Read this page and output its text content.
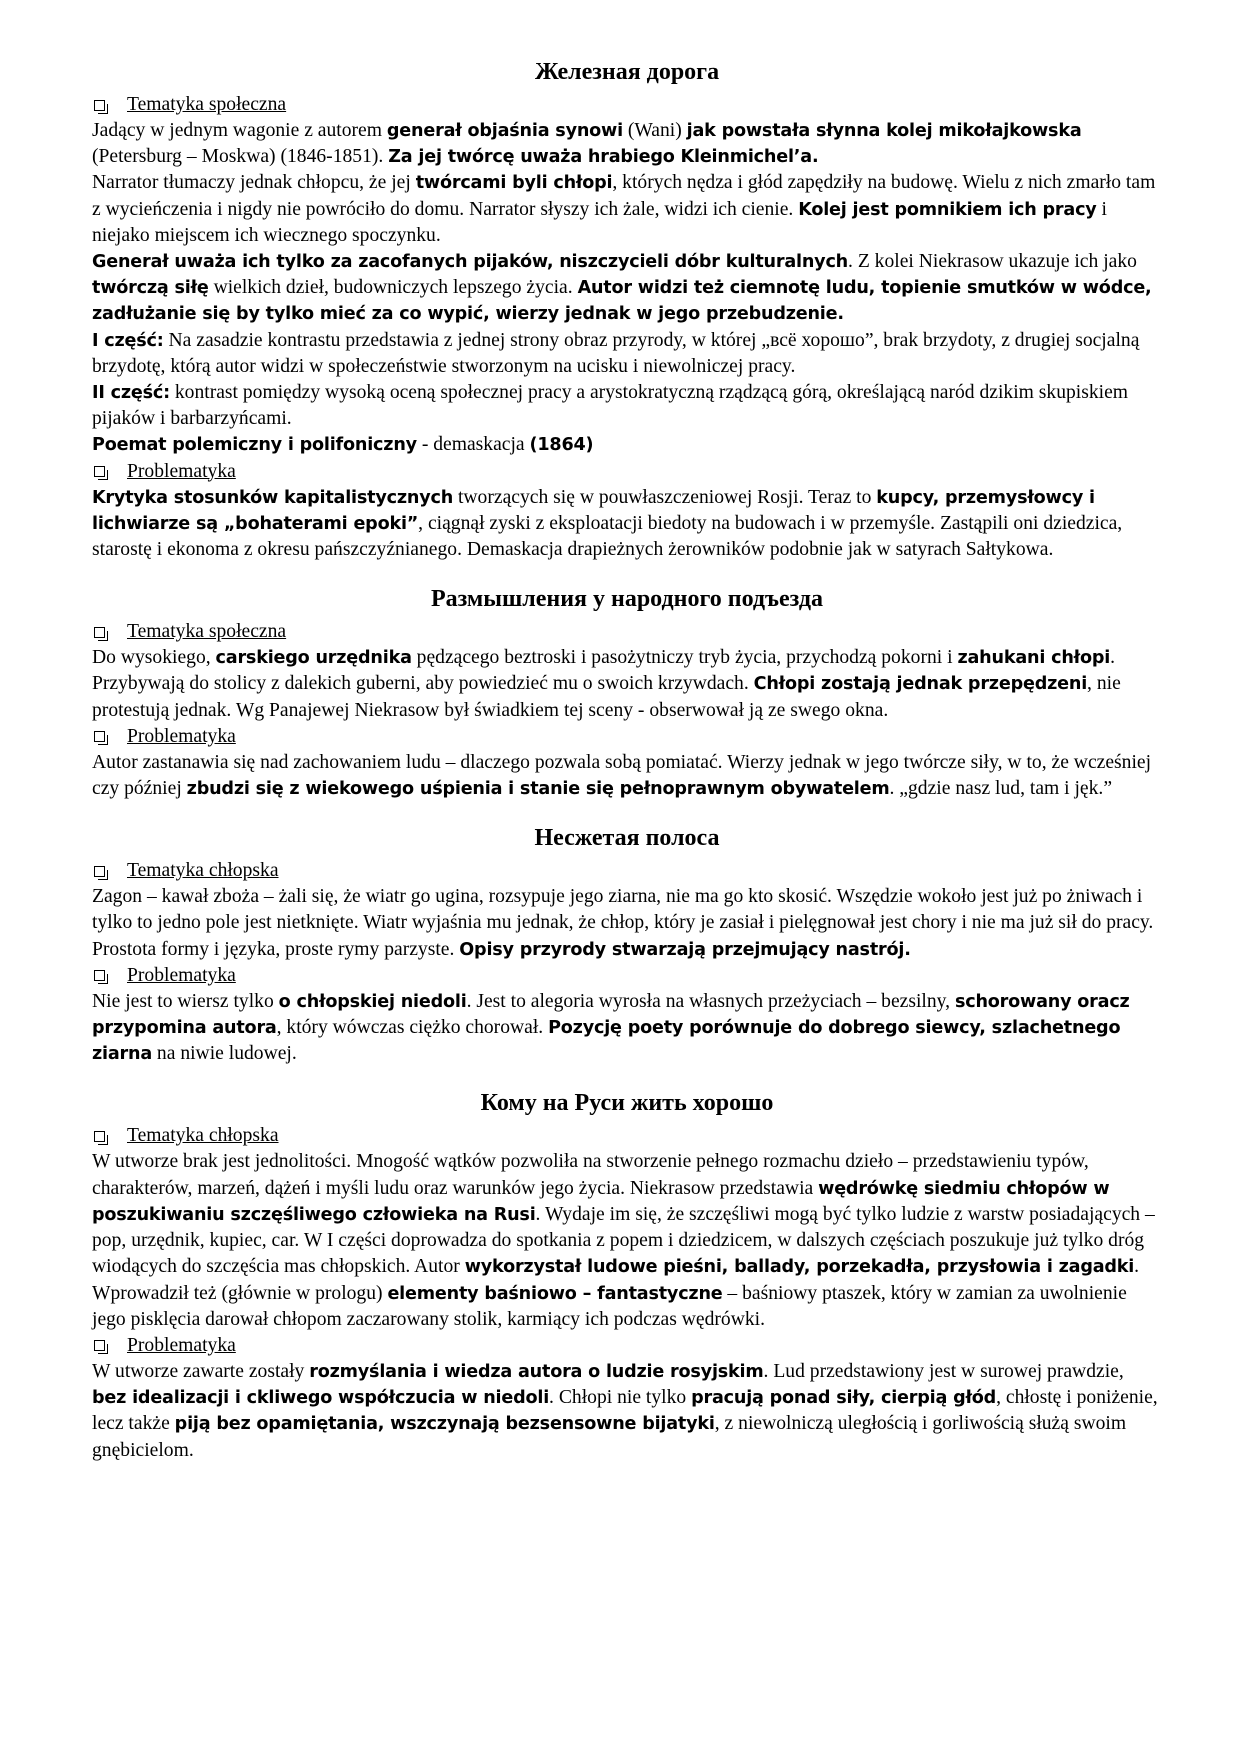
Железная дорога
Tematyka społeczna
Jadący w jednym wagonie z autorem generał objaśnia synowi (Wani) jak powstała słynna kolej mikołajkowska (Petersburg – Moskwa) (1846-1851). Za jej twórcę uważa hrabiego Kleinmichel’a.
Narrator tłumaczy jednak chłopcu, że jej twórcami byli chłopi, których nędza i głód zapędziły na budowę. Wielu z nich zmarło tam z wycieńczenia i nigdy nie powróciło do domu. Narrator słyszy ich żale, widzi ich cienie. Kolej jest pomnikiem ich pracy i niejako miejscem ich wiecznego spoczynku.
Generał uważa ich tylko za zacofanych pijaków, niszczycieli dóbr kulturalnych. Z kolei Niekrasow ukazuje ich jako twórczą siłę wielkich dzieł, budowniczych lepszego życia. Autor widzi też ciemnotę ludu, topienie smutków w wódce, zadłużanie się by tylko mieć za co wypić, wierzy jednak w jego przebudzenie.
I część: Na zasadzie kontrastu przedstawia z jednej strony obraz przyrody, w której „всё хорошо”, brak brzydoty, z drugiej socjalną brzydotę, którą autor widzi w społeczeństwie stworzonym na ucisku i niewolniczej pracy.
II część: kontrast pomiędzy wysoką oceną społecznej pracy a arystokratyczną rządzącą górą, określającą naród dzikim skupiskiem pijaków i barbarzyńcami.
Poemat polemiczny i polifoniczny - demaskacja (1864)
Problematyka
Krytyka stosunków kapitalistycznych tworzących się w pouwłaszczeniowej Rosji. Teraz to kupcy, przemysłowcy i lichwiarze są „bohaterami epoki”, ciągnął zyski z eksploatacji biedoty na budowach i w przemyśle. Zastąpili oni dziedzica, starostę i ekonoma z okresu pańszczyźnianego. Demaskacja drapieżnych żerowników podobnie jak w satyrach Sałtykowa.
Размышления у народного подъезда
Tematyka społeczna
Do wysokiego, carskiego urzędnika pędzącego beztroski i pasożytniczy tryb życia, przychodzą pokorni i zahukani chłopi. Przybywają do stolicy z dalekich guberni, aby powiedzieć mu o swoich krzywdach. Chłopi zostają jednak przepędzeni, nie protestują jednak. Wg Panajewej Niekrasow był świadkiem tej sceny - obserwował ją ze swego okna.
Problematyka
Autor zastanawia się nad zachowaniem ludu – dlaczego pozwala sobą pomiatać. Wierzy jednak w jego twórcze siły, w to, że wcześniej czy później zbudzi się z wiekowego uśpienia i stanie się pełnoprawnym obywatelem. „gdzie nasz lud, tam i jęk.”
Несжетая полоса
Tematyka chłopska
Zagon – kawał zboża – żali się, że wiatr go ugina, rozsypuje jego ziarna, nie ma go kto skosić. Wszędzie wokoło jest już po żniwach i tylko to jedno pole jest nietknięte. Wiatr wyjaśnia mu jednak, że chłop, który je zasiał i pielęgnował jest chory i nie ma już sił do pracy.
Prostota formy i języka, proste rymy parzyste. Opisy przyrody stwarzają przejmujący nastrój.
Problematyka
Nie jest to wiersz tylko o chłopskiej niedoli. Jest to alegoria wyrosła na własnych przeżyciach – bezsilny, schorowany oracz przypomina autora, który wówczas ciężko chorował. Pozycję poety porównuje do dobrego siewcy, szlachetnego ziarna na niwie ludowej.
Кому на Руси жить хорошо
Tematyka chłopska
W utworze brak jest jednolitości. Mnogość wątków pozwoliła na stworzenie pełnego rozmachu dzieło – przedstawieniu typów, charakterów, marzeń, dążeń i myśli ludu oraz warunków jego życia. Niekrasow przedstawia wędrówkę siedmiu chłopów w poszukiwaniu szczęśliwego człowieka na Rusi. Wydaje im się, że szczęśliwi mogą być tylko ludzie z warstw posiadających – pop, urzędnik, kupiec, car. W I części doprowadza do spotkania z popem i dziedzicem, w dalszych częściach poszukuje już tylko dróg wiodących do szczęścia mas chłopskich. Autor wykorzystał ludowe pieśni, ballady, porzekadła, przysłowia i zagadki. Wprowadził też (głównie w prologu) elementy baśniowo – fantastyczne – baśniowy ptaszek, który w zamian za uwolnienie jego pisklęcia darował chłopom zaczarowany stolik, karmiący ich podczas wędrówki.
Problematyka
W utworze zawarte zostały rozmyślania i wiedza autora o ludzie rosyjskim. Lud przedstawiony jest w surowej prawdzie, bez idealizacji i ckliwego współczucia w niedoli. Chłopi nie tylko pracują ponad siły, cierpią głód, chłostę i poniżenie, lecz także piją bez opamiętania, wszczynają bezsensowne bijatyki, z niewolniczą uległością i gorliwością służą swoim gnębicielom.
